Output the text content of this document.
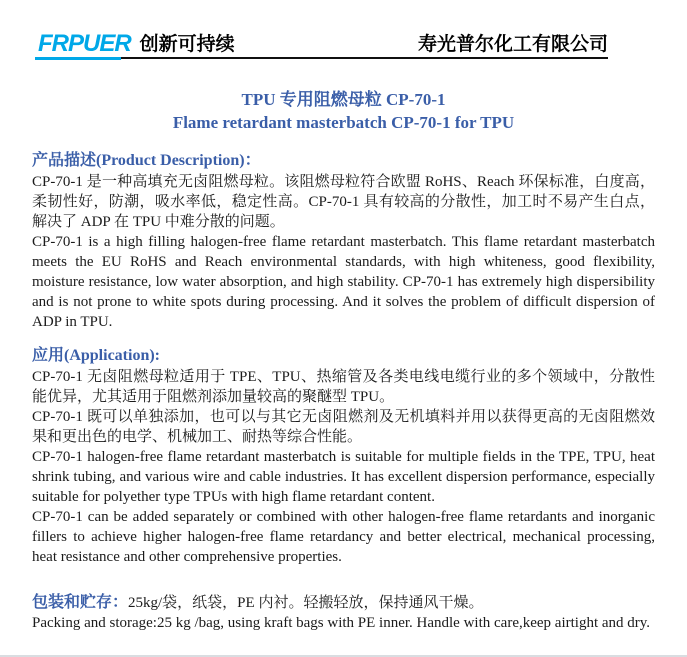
FRPUER 创新可持续	寿光普尔化工有限公司
TPU 专用阻燃母粒 CP-70-1
Flame retardant masterbatch CP-70-1 for TPU

产品描述(Product Description)：

CP-70-1 是一种高填充无卤阻燃母粒。该阻燃母粒符合欧盟 RoHS、Reach 环保标准，白度高，柔韧性好，防潮，吸水率低，稳定性高。CP-70-1 具有较高的分散性，加工时不易产生白点，解决了 ADP 在 TPU 中难分散的问题。

CP-70-1 is a high filling halogen-free flame retardant masterbatch. This flame retardant masterbatch meets the EU RoHS and Reach environmental standards, with high whiteness, good flexibility, moisture resistance, low water absorption, and high stability. CP-70-1 has extremely high dispersibility and is not prone to white spots during processing. And it solves the problem of difficult dispersion of ADP in TPU.

应用(Application):

CP-70-1 无卤阻燃母粒适用于 TPE、TPU、热缩管及各类电线电缆行业的多个领域中，分散性能优异，尤其适用于阻燃剂添加量较高的聚醚型 TPU。

CP-70-1 既可以单独添加，也可以与其它无卤阻燃剂及无机填料并用以获得更高的无卤阻燃效果和更出色的电学、机械加工、耐热等综合性能。

CP-70-1 halogen-free flame retardant masterbatch is suitable for multiple fields in the TPE, TPU, heat shrink tubing, and various wire and cable industries. It has excellent dispersion performance, especially suitable for polyether type TPUs with high flame retardant content.

CP-70-1 can be added separately or combined with other halogen-free flame retardants and inorganic fillers to achieve higher halogen-free flame retardancy and better electrical, mechanical processing, heat resistance and other comprehensive properties.

包装和贮存：25kg/袋，纸袋，PE 内衬。轻搬轻放，保持通风干燥。

Packing and storage:25 kg /bag, using kraft bags with PE inner. Handle with care,keep airtight and dry.
